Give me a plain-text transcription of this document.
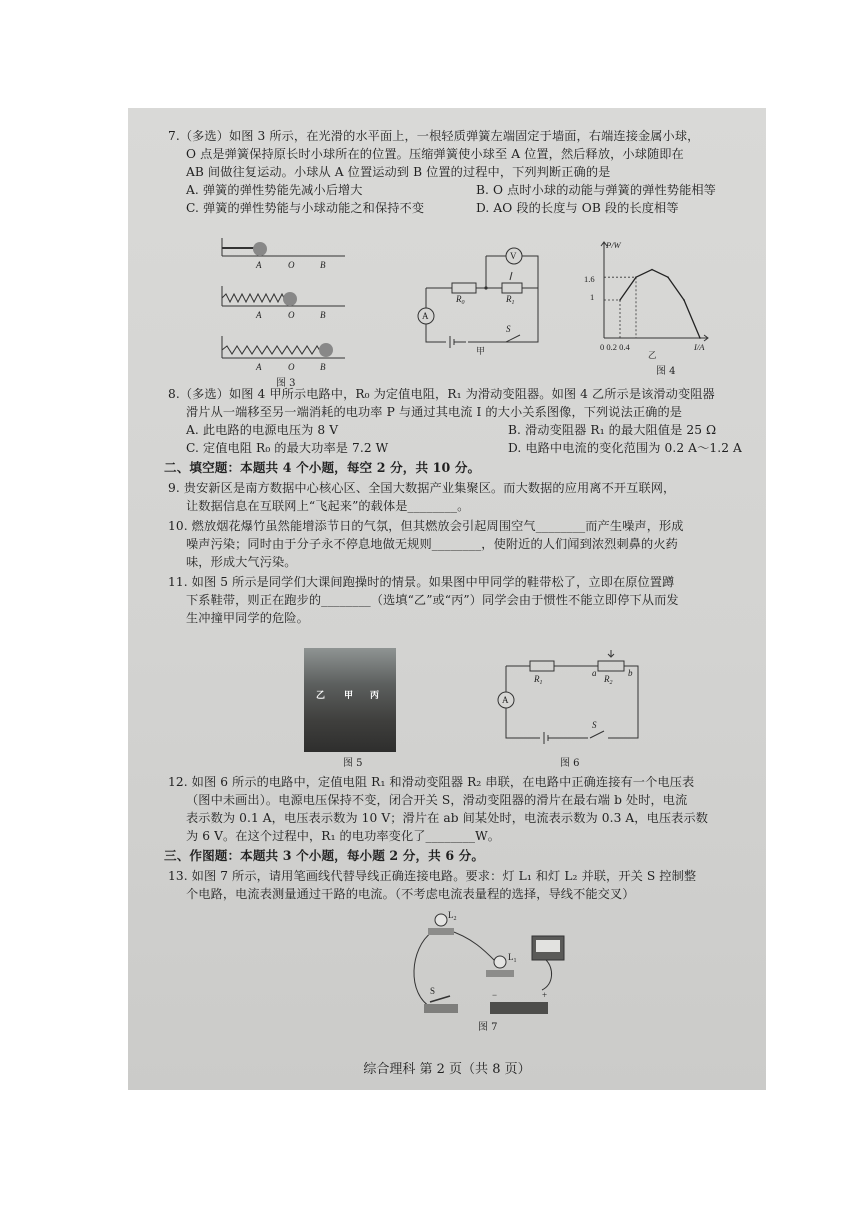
7.（多选）如图 3 所示，在光滑的水平面上，一根轻质弹簧左端固定于墙面，右端连接金属小球，
O 点是弹簧保持原长时小球所在的位置。压缩弹簧使小球至 A 位置，然后释放，小球随即在
AB 间做往复运动。小球从 A 位置运动到 B 位置的过程中，下列判断正确的是
A. 弹簧的弹性势能先减小后增大	B. O 点时小球的动能与弹簧的弹性势能相等
C. 弹簧的弹性势能与小球动能之和保持不变	D. AO 段的长度与 OB 段的长度相等
A	O	B
A	O	B
A	O	B
图 3
V
A
$R_0$	$R_1$
S
甲
P/W
I/A
1.6
1
0 0.2 0.4
乙
图 4
8.（多选）如图 4 甲所示电路中，R₀ 为定值电阻，R₁ 为滑动变阻器。如图 4 乙所示是该滑动变阻器
滑片从一端移至另一端消耗的电功率 P 与通过其电流 I 的大小关系图像，下列说法正确的是
A. 此电路的电源电压为 8 V	B. 滑动变阻器 R₁ 的最大阻值是 25 Ω
C. 定值电阻 R₀ 的最大功率是 7.2 W	D. 电路中电流的变化范围为 0.2 A～1.2 A
二、填空题：本题共 4 个小题，每空 2 分，共 10 分。
9. 贵安新区是南方数据中心核心区、全国大数据产业集聚区。而大数据的应用离不开互联网，
让数据信息在互联网上“飞起来”的载体是________。
10. 燃放烟花爆竹虽然能增添节日的气氛，但其燃放会引起周围空气________而产生噪声，形成
噪声污染；同时由于分子永不停息地做无规则________，使附近的人们闻到浓烈刺鼻的火药
味，形成大气污染。
11. 如图 5 所示是同学们大课间跑操时的情景。如果图中甲同学的鞋带松了，立即在原位置蹲
下系鞋带，则正在跑步的________（选填“乙”或“丙”）同学会由于惯性不能立即停下从而发
生冲撞甲同学的危险。
乙 甲 丙
图 5
A
$R_1$
a
$R_2$
b
S
图 6
12. 如图 6 所示的电路中，定值电阻 R₁ 和滑动变阻器 R₂ 串联，在电路中正确连接有一个电压表
（图中未画出）。电源电压保持不变，闭合开关 S，滑动变阻器的滑片在最右端 b 处时，电流
表示数为 0.1 A，电压表示数为 10 V；滑片在 ab 间某处时，电流表示数为 0.3 A，电压表示数
为 6 V。在这个过程中，R₁ 的电功率变化了________W。
三、作图题：本题共 3 个小题，每小题 2 分，共 6 分。
13. 如图 7 所示，请用笔画线代替导线正确连接电路。要求：灯 L₁ 和灯 L₂ 并联，开关 S 控制整
个电路，电流表测量通过干路的电流。（不考虑电流表量程的选择，导线不能交叉）
$L_2$
$L_1$
S	−	+
图 7
综合理科 第 2 页（共 8 页）
